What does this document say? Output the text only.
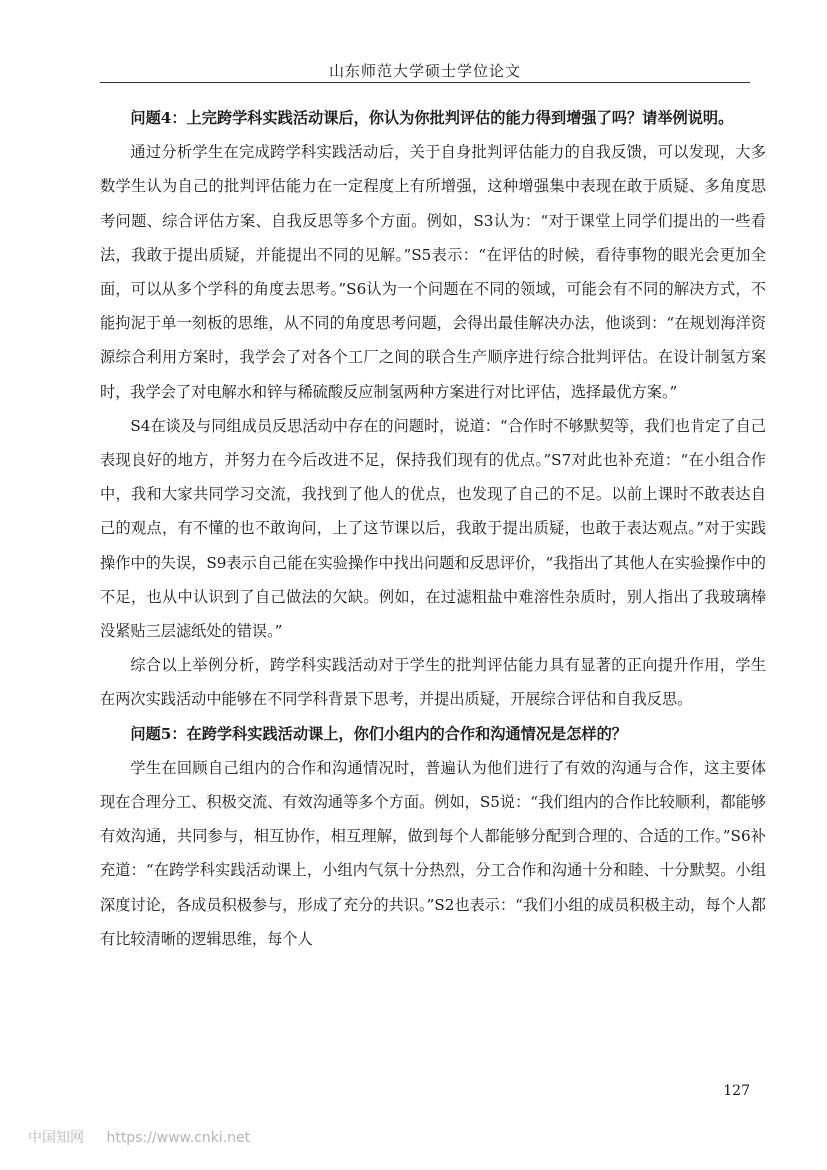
山东师范大学硕士学位论文

问题4：上完跨学科实践活动课后，你认为你批判评估的能力得到增强了吗？请举例说明。

通过分析学生在完成跨学科实践活动后，关于自身批判评估能力的自我反馈，可以发现，大多数学生认为自己的批判评估能力在一定程度上有所增强，这种增强集中表现在敢于质疑、多角度思考问题、综合评估方案、自我反思等多个方面。例如，S3认为：“对于课堂上同学们提出的一些看法，我敢于提出质疑，并能提出不同的见解。”S5表示：“在评估的时候，看待事物的眼光会更加全面，可以从多个学科的角度去思考。”S6认为一个问题在不同的领域，可能会有不同的解决方式，不能拘泥于单一刻板的思维，从不同的角度思考问题，会得出最佳解决办法，他谈到：“在规划海洋资源综合利用方案时，我学会了对各个工厂之间的联合生产顺序进行综合批判评估。在设计制氢方案时，我学会了对电解水和锌与稀硫酸反应制氢两种方案进行对比评估，选择最优方案。”

S4在谈及与同组成员反思活动中存在的问题时，说道：“合作时不够默契等，我们也肯定了自己表现良好的地方，并努力在今后改进不足，保持我们现有的优点。”S7对此也补充道：“在小组合作中，我和大家共同学习交流，我找到了他人的优点，也发现了自己的不足。以前上课时不敢表达自己的观点，有不懂的也不敢询问，上了这节课以后，我敢于提出质疑，也敢于表达观点。”对于实践操作中的失误，S9表示自己能在实验操作中找出问题和反思评价，“我指出了其他人在实验操作中的不足，也从中认识到了自己做法的欠缺。例如，在过滤粗盐中难溶性杂质时，别人指出了我玻璃棒没紧贴三层滤纸处的错误。”

综合以上举例分析，跨学科实践活动对于学生的批判评估能力具有显著的正向提升作用，学生在两次实践活动中能够在不同学科背景下思考，并提出质疑，开展综合评估和自我反思。

问题5：在跨学科实践活动课上，你们小组内的合作和沟通情况是怎样的？

学生在回顾自己组内的合作和沟通情况时，普遍认为他们进行了有效的沟通与合作，这主要体现在合理分工、积极交流、有效沟通等多个方面。例如，S5说：“我们组内的合作比较顺利，都能够有效沟通，共同参与，相互协作，相互理解，做到每个人都能够分配到合理的、合适的工作。”S6补充道：“在跨学科实践活动课上，小组内气氛十分热烈，分工合作和沟通十分和睦、十分默契。小组深度讨论，各成员积极参与，形成了充分的共识。”S2也表示：“我们小组的成员积极主动，每个人都有比较清晰的逻辑思维，每个人

127
中国知网 https://www.cnki.net
